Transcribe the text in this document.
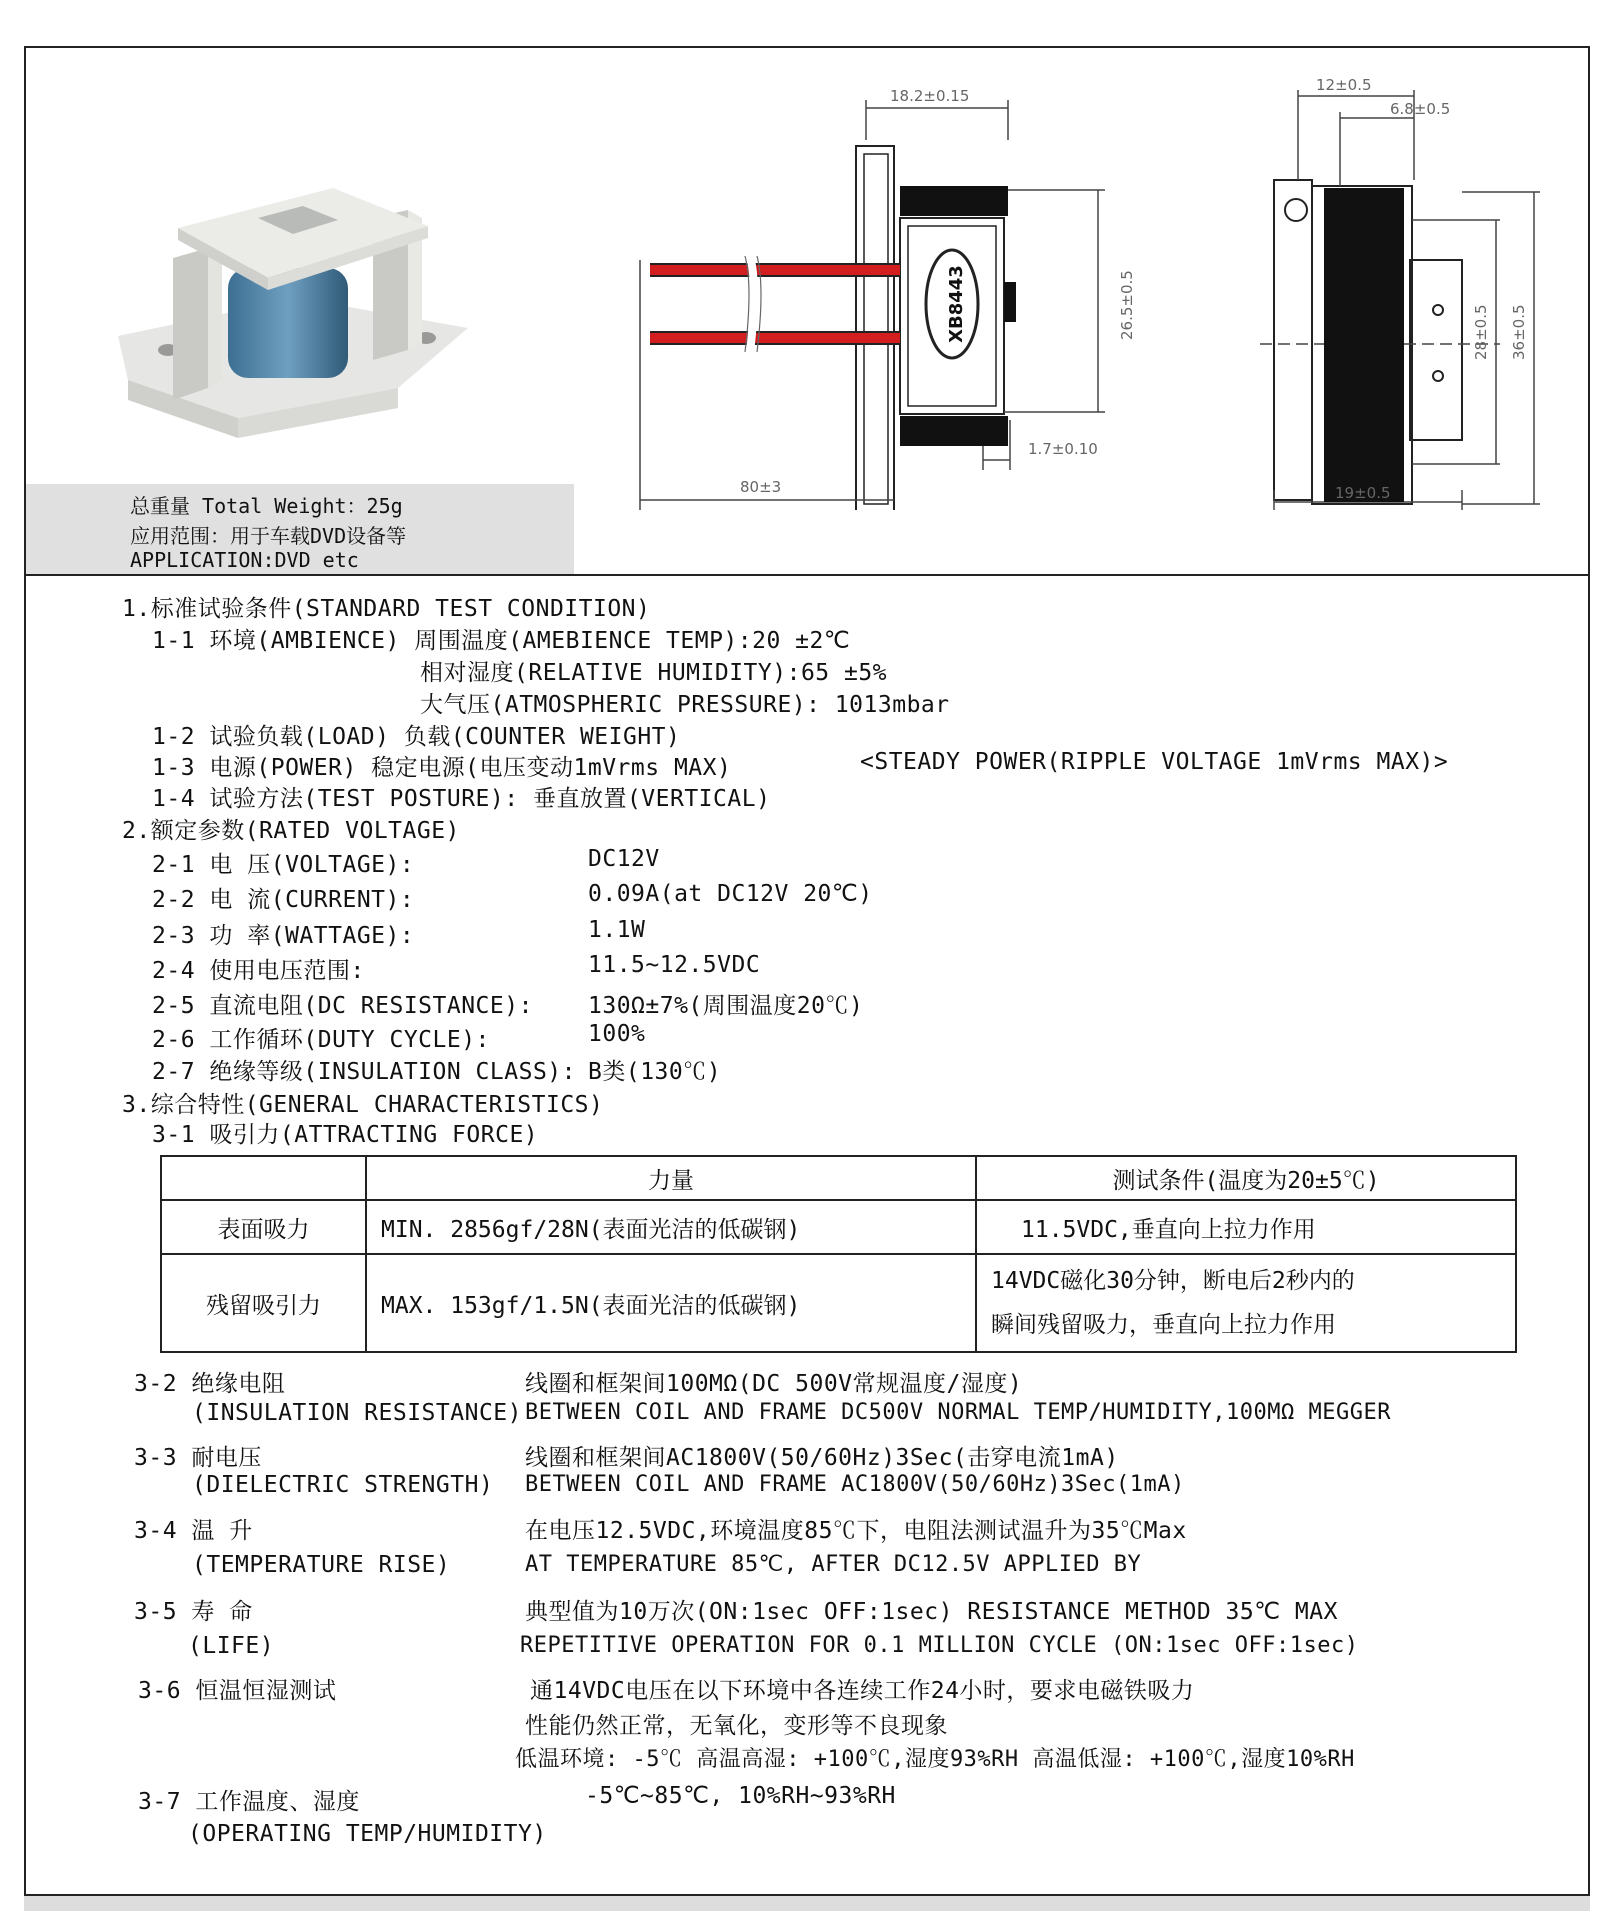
总重量 Total Weight：25g
应用范围：用于车载DVD设备等
APPLICATION:DVD etc
18.2±0.15
26.5±0.5
80±3
1.7±0.10
12±0.5
6.8±0.5
28±0.5 36±0.5
19±0.5
XB8443
1.标准试验条件(STANDARD TEST CONDITION)
1-1 环境(AMBIENCE) 周围温度(AMEBIENCE TEMP):20 ±2℃
相对湿度(RELATIVE HUMIDITY):65 ±5%
大气压(ATMOSPHERIC PRESSURE): 1013mbar
1-2 试验负载(LOAD) 负载(COUNTER WEIGHT)
1-3 电源(POWER) 稳定电源(电压变动1mVrms MAX)	<STEADY POWER(RIPPLE VOLTAGE 1mVrms MAX)>
1-4 试验方法(TEST POSTURE): 垂直放置(VERTICAL)
2.额定参数(RATED VOLTAGE)
2-1 电 压(VOLTAGE):	DC12V
2-2 电 流(CURRENT):	0.09A(at DC12V 20℃)
2-3 功 率(WATTAGE):	1.1W
2-4 使用电压范围:	11.5~12.5VDC
2-5 直流电阻(DC RESISTANCE): 130Ω±7%(周围温度20℃)
2-6 工作循环(DUTY CYCLE):	100%
2-7 绝缘等级(INSULATION CLASS): B类(130℃)
3.综合特性(GENERAL CHARACTERISTICS)
3-1 吸引力(ATTRACTING FORCE)
	力量	测试条件(温度为20±5℃)
表面吸力	MIN. 2856gf/28N(表面光洁的低碳钢)	11.5VDC,垂直向上拉力作用
残留吸引力	MAX. 153gf/1.5N(表面光洁的低碳钢)	14VDC磁化30分钟，断电后2秒内的
瞬间残留吸力，垂直向上拉力作用
3-2 绝缘电阻	线圈和框架间100MΩ(DC 500V常规温度/湿度)
(INSULATION RESISTANCE) BETWEEN COIL AND FRAME DC500V NORMAL TEMP/HUMIDITY,100MΩ MEGGER
3-3 耐电压	线圈和框架间AC1800V(50/60Hz)3Sec(击穿电流1mA)
(DIELECTRIC STRENGTH) BETWEEN COIL AND FRAME AC1800V(50/60Hz)3Sec(1mA)
3-4 温 升	在电压12.5VDC,环境温度85℃下，电阻法测试温升为35℃Max
(TEMPERATURE RISE)	AT TEMPERATURE 85℃, AFTER DC12.5V APPLIED BY
3-5 寿 命	典型值为10万次(ON:1sec OFF:1sec) RESISTANCE METHOD 35℃ MAX
(LIFE)	REPETITIVE OPERATION FOR 0.1 MILLION CYCLE (ON:1sec OFF:1sec)
3-6 恒温恒湿测试	通14VDC电压在以下环境中各连续工作24小时，要求电磁铁吸力
性能仍然正常，无氧化，变形等不良现象
低温环境: -5℃ 高温高湿: +100℃,湿度93%RH 高温低湿: +100℃,湿度10%RH
3-7 工作温度、湿度	-5℃~85℃, 10%RH~93%RH
(OPERATING TEMP/HUMIDITY)
